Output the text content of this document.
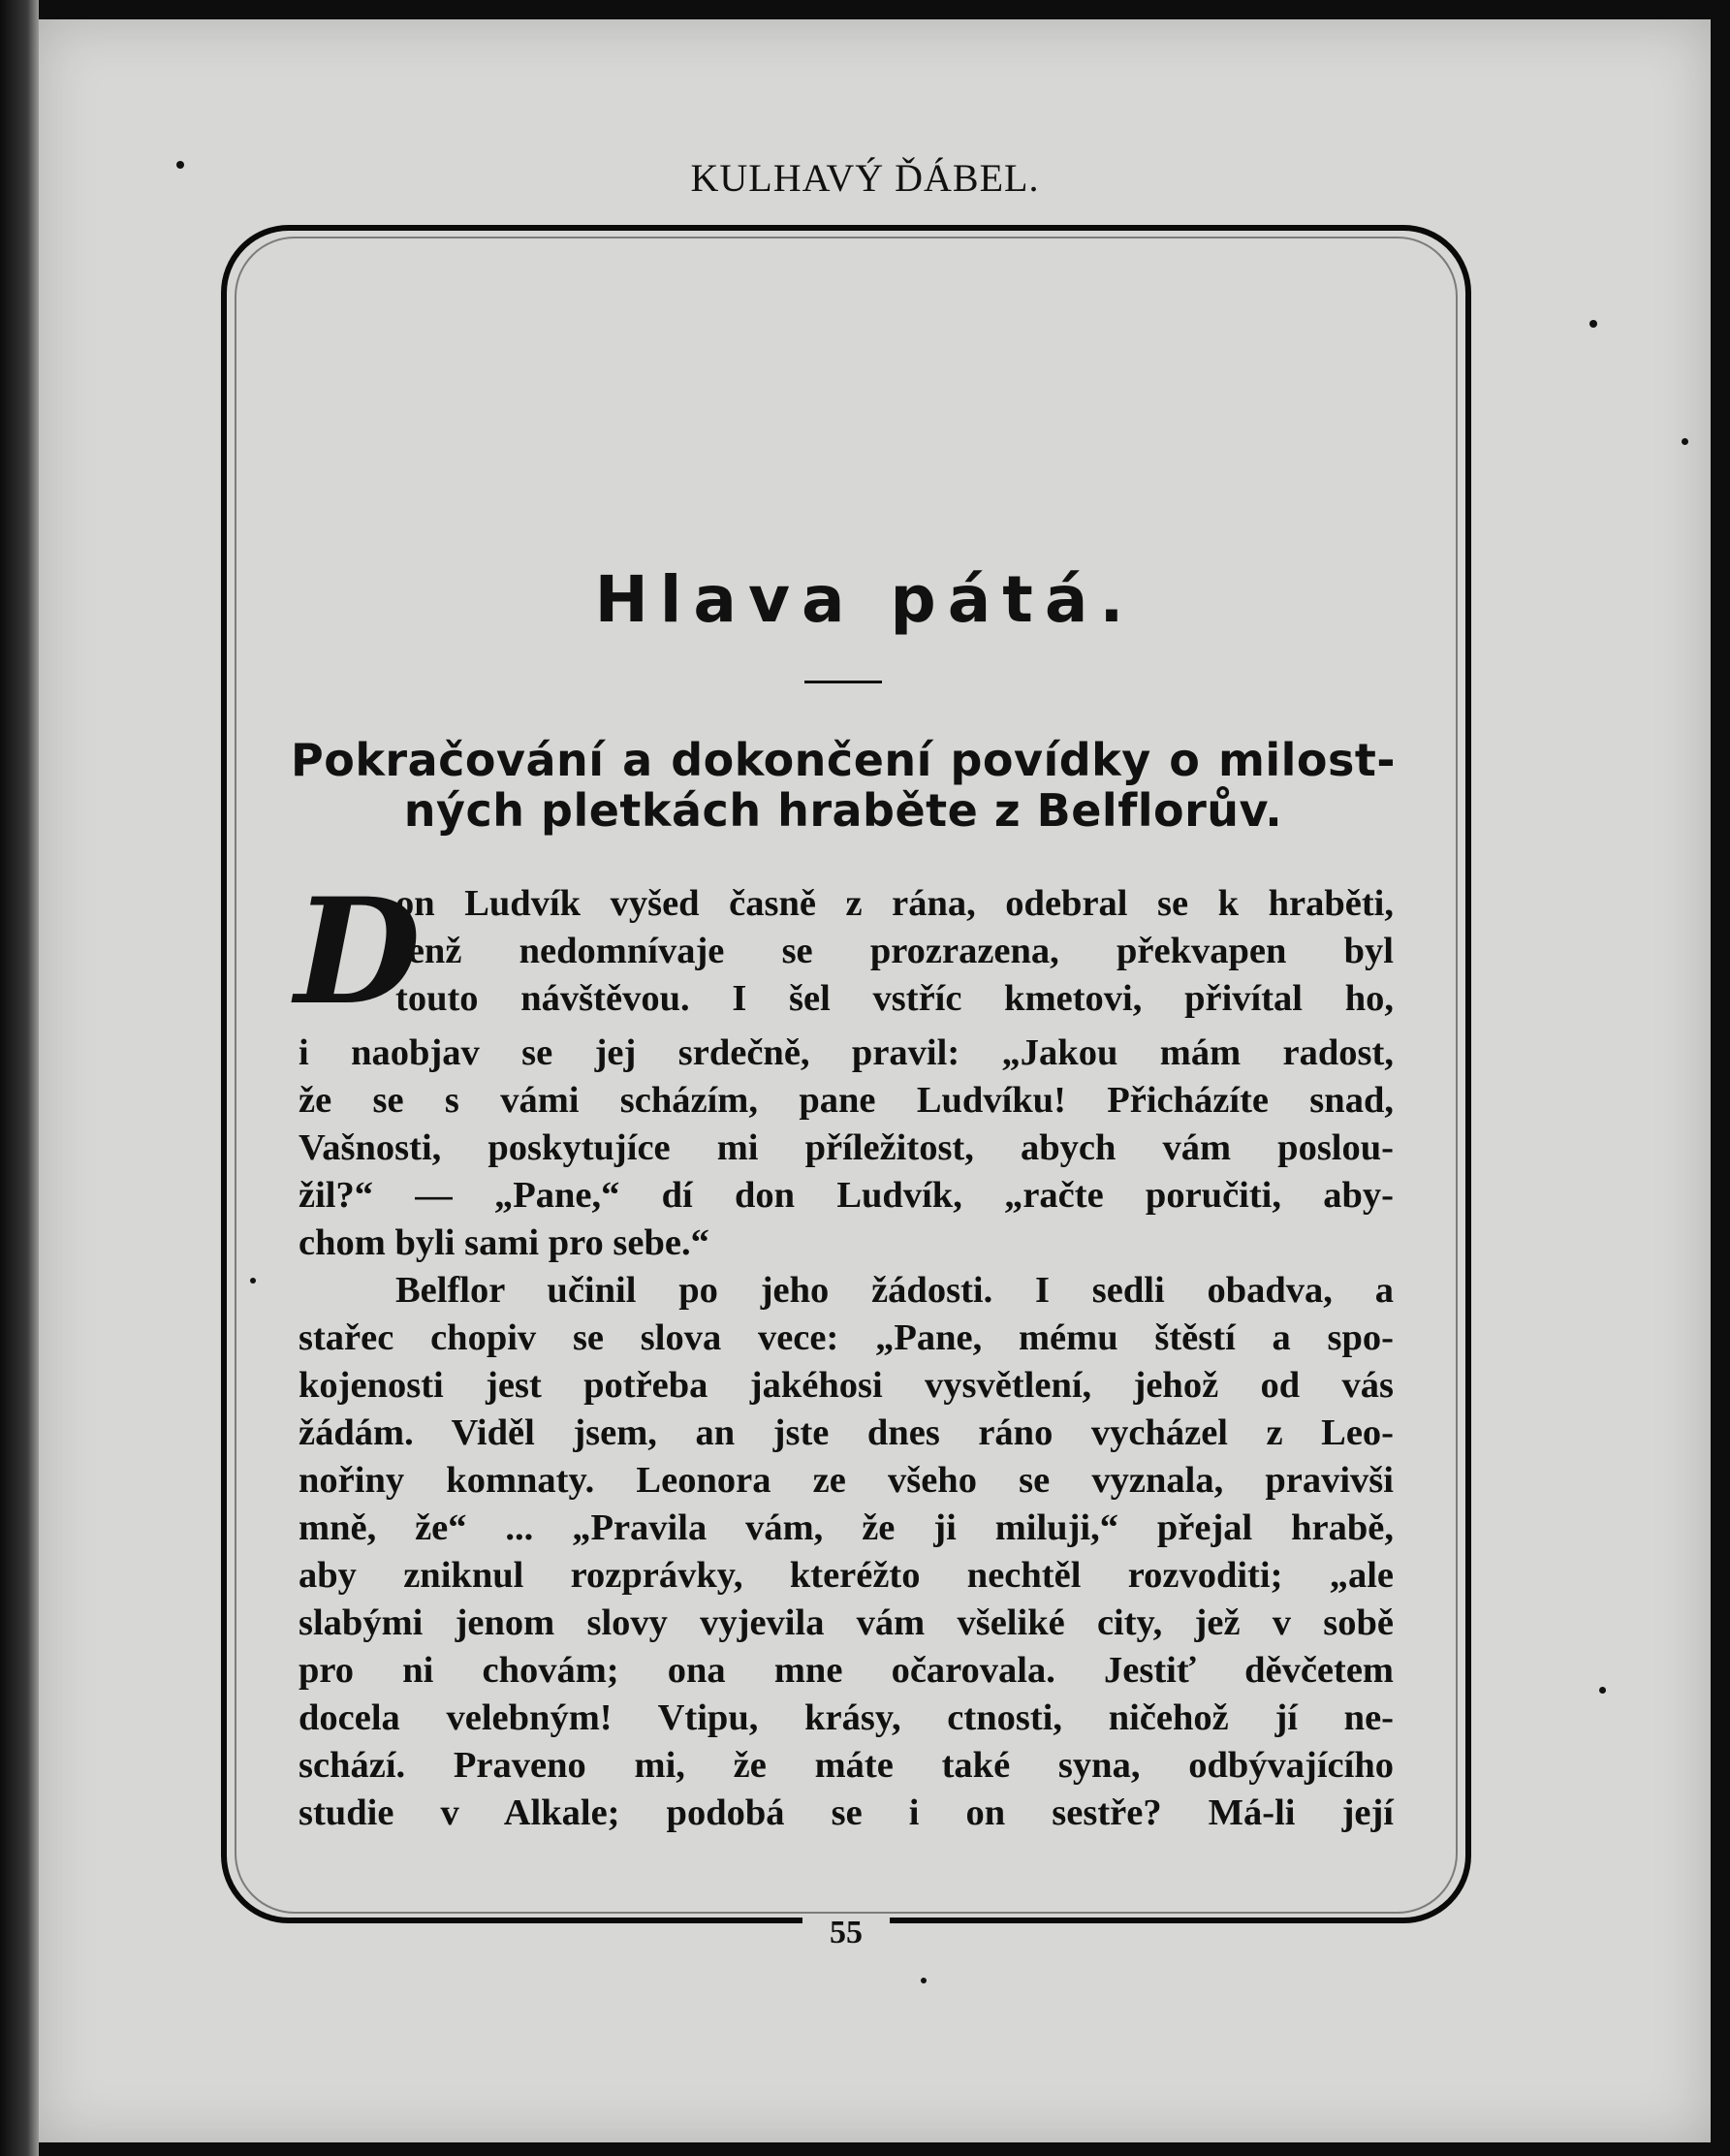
KULHAVÝ ĎÁBEL.
Hlava pátá.
Pokračování a dokončení povídky o milost-
ných pletkách hraběte z Belflorův.

D
on Ludvík vyšed časně z rána, odebral se k hraběti,
jenž nedomnívaje se prozrazena, překvapen byl
touto návštěvou. I šel vstříc kmetovi, přivítal ho,
i naobjav se jej srdečně, pravil: „Jakou mám radost,
že se s vámi scházím, pane Ludvíku! Přicházíte snad,
Vašnosti, poskytujíce mi příležitost, abych vám poslou-
žil?“ — „Pane,“ dí don Ludvík, „račte poručiti, aby-
chom byli sami pro sebe.“

Belflor učinil po jeho žádosti. I sedli obadva, a
stařec chopiv se slova vece: „Pane, mému štěstí a spo-
kojenosti jest potřeba jakéhosi vysvětlení, jehož od vás
žádám. Viděl jsem, an jste dnes ráno vycházel z Leo-
nořiny komnaty. Leonora ze všeho se vyznala, pravivši
mně, že“ ... „Pravila vám, že ji miluji,“ přejal hrabě,
aby zniknul rozprávky, kteréžto nechtěl rozvoditi; „ale
slabými jenom slovy vyjevila vám všeliké city, jež v sobě
pro ni chovám; ona mne očarovala. Jestiť děvčetem
docela velebným! Vtipu, krásy, ctnosti, ničehož jí ne-
schází. Praveno mi, že máte také syna, odbývajícího
studie v Alkale; podobá se i on sestře? Má-li její

55
